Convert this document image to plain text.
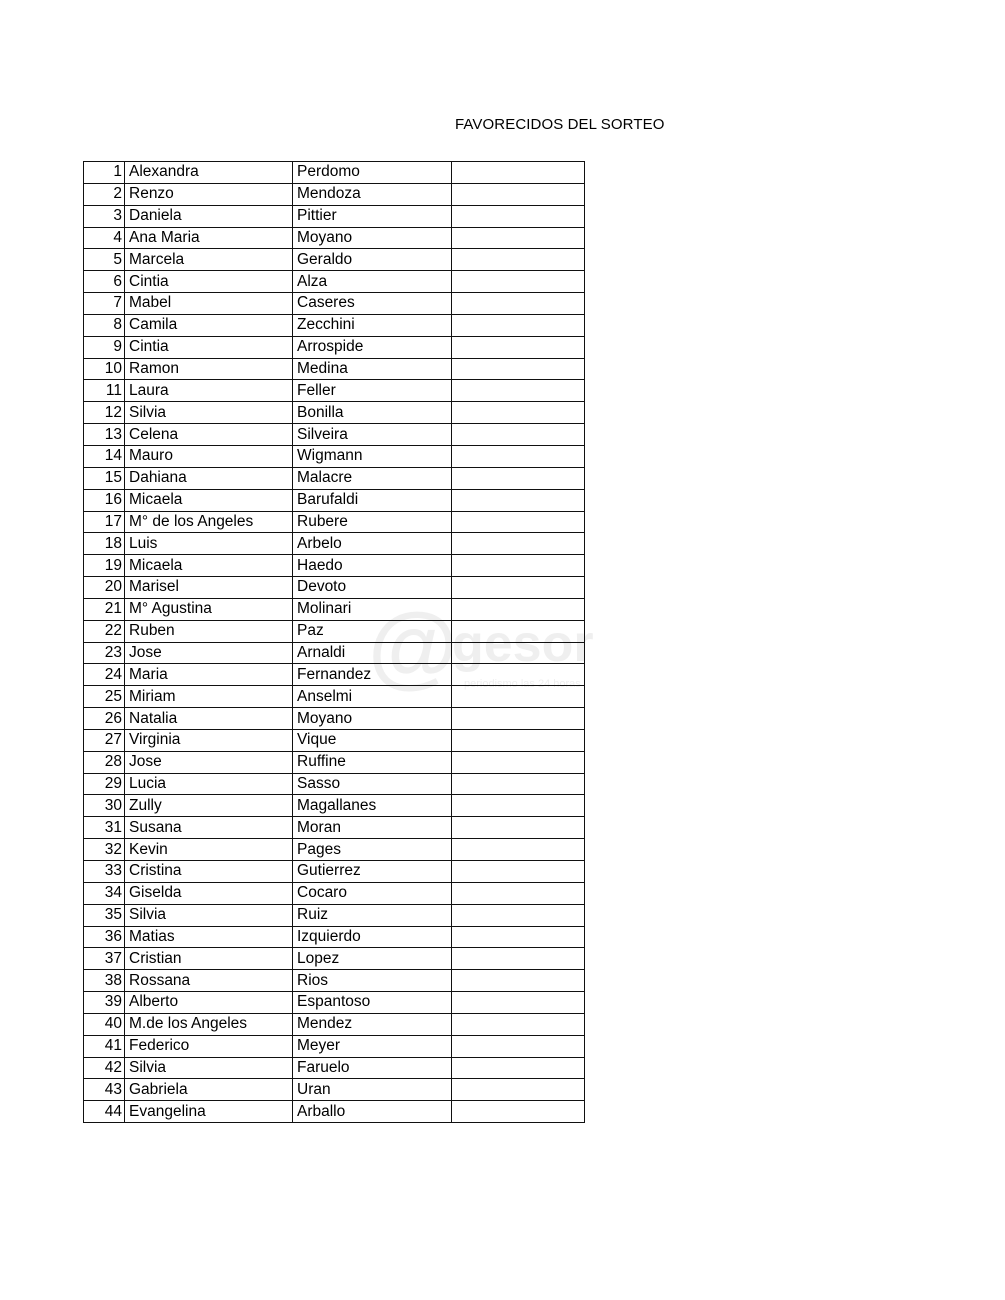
FAVORECIDOS DEL SORTEO
@
gesor
periodismo las 24 horas
1	Alexandra	Perdomo	
2	Renzo	Mendoza	
3	Daniela	Pittier	
4	Ana Maria	Moyano	
5	Marcela	Geraldo	
6	Cintia	Alza	
7	Mabel	Caseres	
8	Camila	Zecchini	
9	Cintia	Arrospide	
10	Ramon	Medina	
11	Laura	Feller	
12	Silvia	Bonilla	
13	Celena	Silveira	
14	Mauro	Wigmann	
15	Dahiana	Malacre	
16	Micaela	Barufaldi	
17	M° de los Angeles	Rubere	
18	Luis	Arbelo	
19	Micaela	Haedo	
20	Marisel	Devoto	
21	M° Agustina	Molinari	
22	Ruben	Paz	
23	Jose	Arnaldi	
24	Maria	Fernandez	
25	Miriam	Anselmi	
26	Natalia	Moyano	
27	Virginia	Vique	
28	Jose	Ruffine	
29	Lucia	Sasso	
30	Zully	Magallanes	
31	Susana	Moran	
32	Kevin	Pages	
33	Cristina	Gutierrez	
34	Giselda	Cocaro	
35	Silvia	Ruiz	
36	Matias	Izquierdo	
37	Cristian	Lopez	
38	Rossana	Rios	
39	Alberto	Espantoso	
40	M.de los Angeles	Mendez	
41	Federico	Meyer	
42	Silvia	Faruelo	
43	Gabriela	Uran	
44	Evangelina	Arballo	
